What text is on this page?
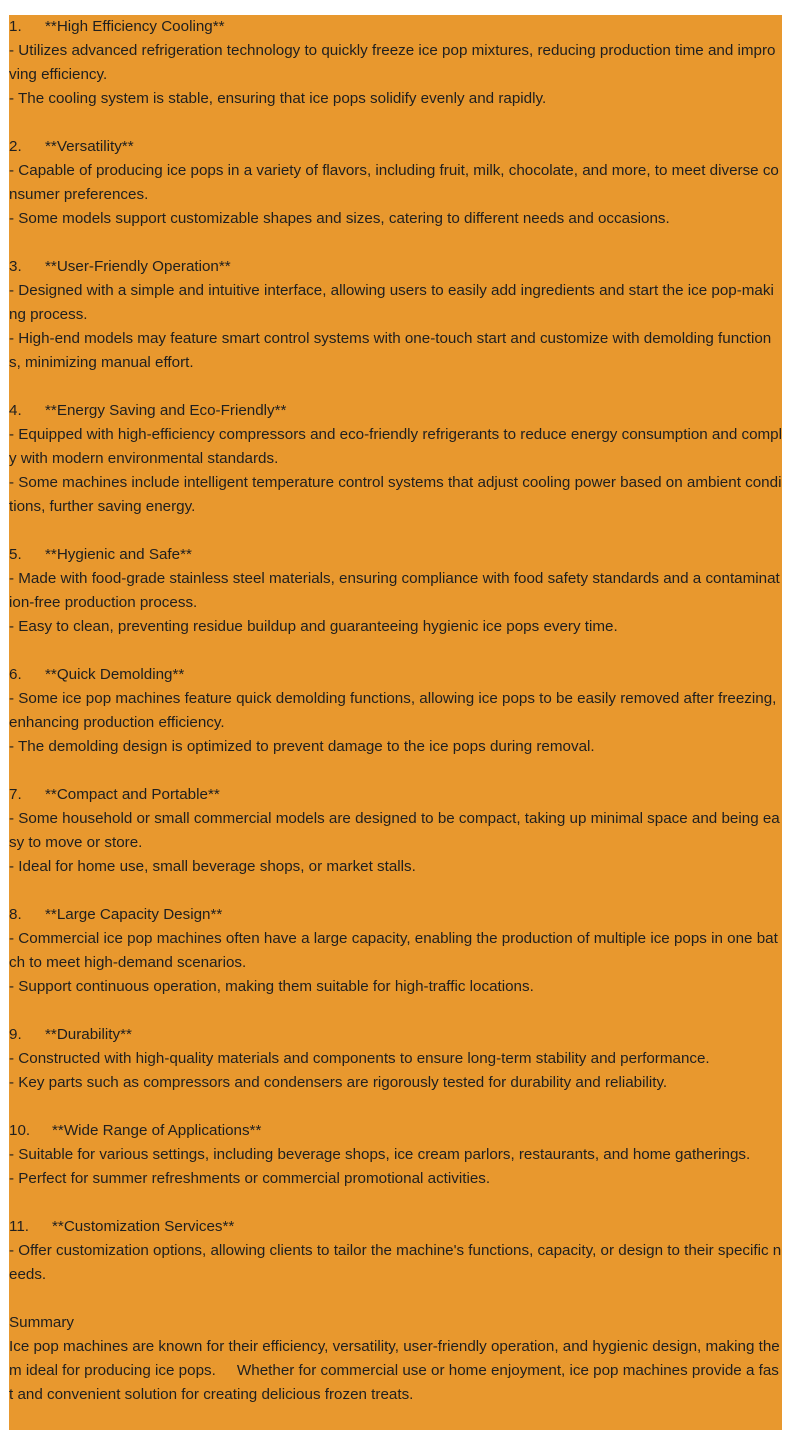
1. **High Efficiency Cooling**
- Utilizes advanced refrigeration technology to quickly freeze ice pop mixtures, reducing production time and improving efficiency.
- The cooling system is stable, ensuring that ice pops solidify evenly and rapidly.
2. **Versatility**
- Capable of producing ice pops in a variety of flavors, including fruit, milk, chocolate, and more, to meet diverse consumer preferences.
- Some models support customizable shapes and sizes, catering to different needs and occasions.
3. **User-Friendly Operation**
- Designed with a simple and intuitive interface, allowing users to easily add ingredients and start the ice pop-making process.
- High-end models may feature smart control systems with one-touch start and customize with demolding functions, minimizing manual effort.
4. **Energy Saving and Eco-Friendly**
- Equipped with high-efficiency compressors and eco-friendly refrigerants to reduce energy consumption and comply with modern environmental standards.
- Some machines include intelligent temperature control systems that adjust cooling power based on ambient conditions, further saving energy.
5. **Hygienic and Safe**
- Made with food-grade stainless steel materials, ensuring compliance with food safety standards and a contamination-free production process.
- Easy to clean, preventing residue buildup and guaranteeing hygienic ice pops every time.
6. **Quick Demolding**
- Some ice pop machines feature quick demolding functions, allowing ice pops to be easily removed after freezing, enhancing production efficiency.
- The demolding design is optimized to prevent damage to the ice pops during removal.
7. **Compact and Portable**
- Some household or small commercial models are designed to be compact, taking up minimal space and being easy to move or store.
- Ideal for home use, small beverage shops, or market stalls.
8. **Large Capacity Design**
- Commercial ice pop machines often have a large capacity, enabling the production of multiple ice pops in one batch to meet high-demand scenarios.
- Support continuous operation, making them suitable for high-traffic locations.
9. **Durability**
- Constructed with high-quality materials and components to ensure long-term stability and performance.
- Key parts such as compressors and condensers are rigorously tested for durability and reliability.
10. **Wide Range of Applications**
- Suitable for various settings, including beverage shops, ice cream parlors, restaurants, and home gatherings.
- Perfect for summer refreshments or commercial promotional activities.
11. **Customization Services**
- Offer customization options, allowing clients to tailor the machine's functions, capacity, or design to their specific needs.
Summary
Ice pop machines are known for their efficiency, versatility, user-friendly operation, and hygienic design, making them ideal for producing ice pops.     Whether for commercial use or home enjoyment, ice pop machines provide a fast and convenient solution for creating delicious frozen treats.
